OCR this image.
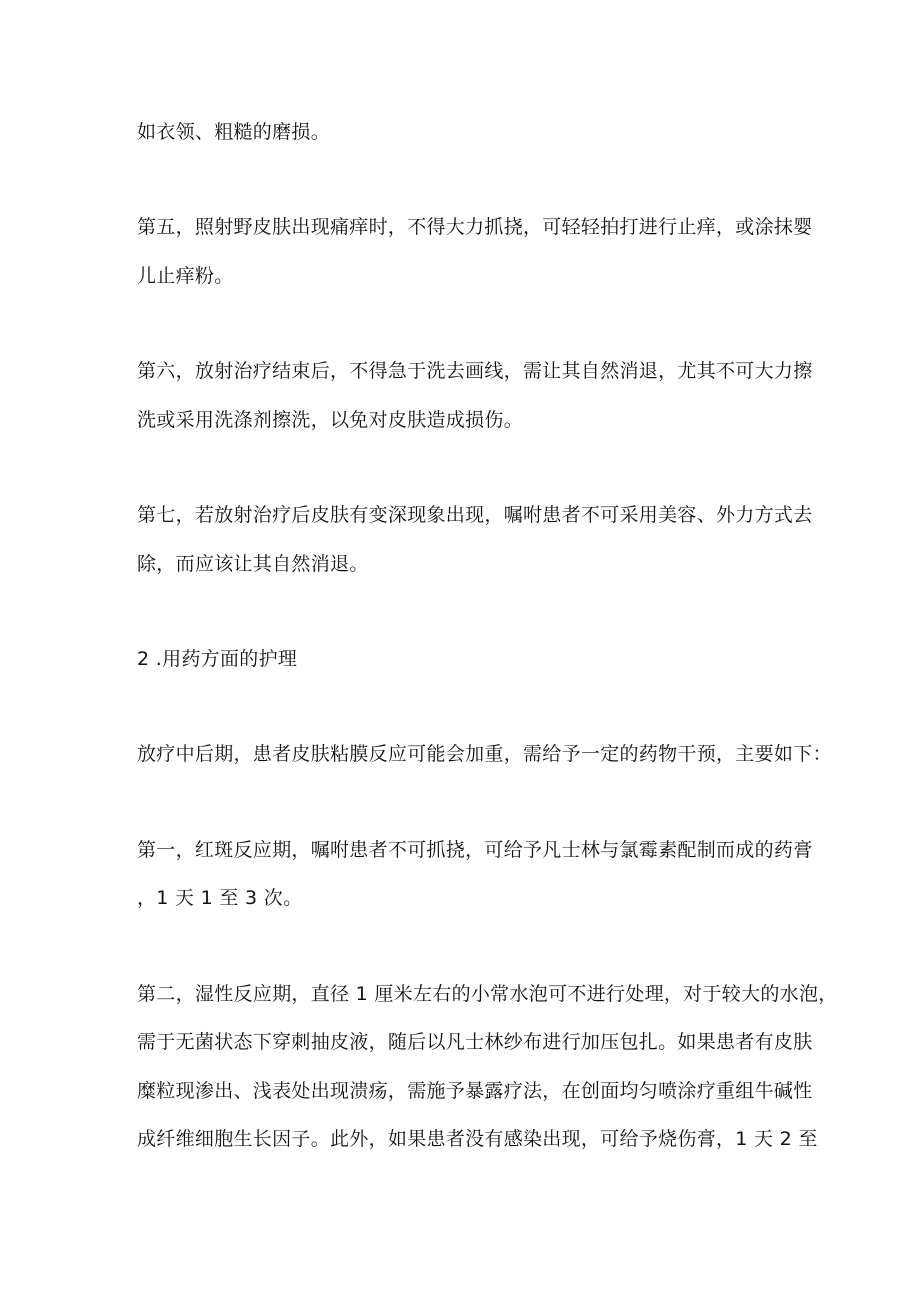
如衣领、粗糙的磨损。
第五，照射野皮肤出现痛痒时，不得大力抓挠，可轻轻拍打进行止痒，或涂抹婴
儿止痒粉。
第六，放射治疗结束后，不得急于洗去画线，需让其自然消退，尤其不可大力擦
洗或采用洗涤剂擦洗，以免对皮肤造成损伤。
第七，若放射治疗后皮肤有变深现象出现，嘱咐患者不可采用美容、外力方式去
除，而应该让其自然消退。
2 .用药方面的护理
放疗中后期，患者皮肤粘膜反应可能会加重，需给予一定的药物干预，主要如下：
第一，红斑反应期，嘱咐患者不可抓挠，可给予凡士林与氯霉素配制而成的药膏
，1 天 1 至 3 次。
第二，湿性反应期，直径 1 厘米左右的小常水泡可不进行处理，对于较大的水泡，
需于无菌状态下穿刺抽皮液，随后以凡士林纱布进行加压包扎。如果患者有皮肤
糜粒现渗出、浅表处出现溃疡，需施予暴露疗法，在创面均匀喷涂疗重组牛碱性
成纤维细胞生长因子。此外，如果患者没有感染出现，可给予烧伤膏，1 天 2 至
